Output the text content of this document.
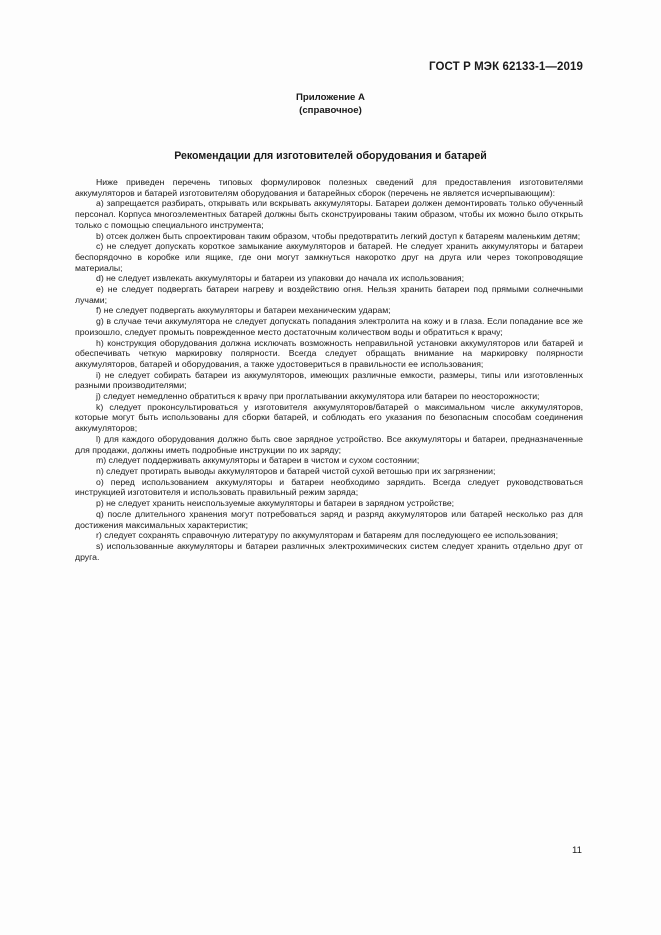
ГОСТ Р МЭК 62133-1—2019
Приложение А
(справочное)
Рекомендации для изготовителей оборудования и батарей

Ниже приведен перечень типовых формулировок полезных сведений для предоставления изготовителями аккумуляторов и батарей изготовителям оборудования и батарейных сборок (перечень не является исчерпывающим):

a) запрещается разбирать, открывать или вскрывать аккумуляторы. Батареи должен демонтировать только обученный персонал. Корпуса многоэлементных батарей должны быть сконструированы таким образом, чтобы их можно было открыть только с помощью специального инструмента;

b) отсек должен быть спроектирован таким образом, чтобы предотвратить легкий доступ к батареям маленьким детям;

c) не следует допускать короткое замыкание аккумуляторов и батарей. Не следует хранить аккумуляторы и батареи беспорядочно в коробке или ящике, где они могут замкнуться накоротко друг на друга или через токопроводящие материалы;

d) не следует извлекать аккумуляторы и батареи из упаковки до начала их использования;

e) не следует подвергать батареи нагреву и воздействию огня. Нельзя хранить батареи под прямыми солнечными лучами;

f) не следует подвергать аккумуляторы и батареи механическим ударам;

g) в случае течи аккумулятора не следует допускать попадания электролита на кожу и в глаза. Если попадание все же произошло, следует промыть поврежденное место достаточным количеством воды и обратиться к врачу;

h) конструкция оборудования должна исключать возможность неправильной установки аккумуляторов или батарей и обеспечивать четкую маркировку полярности. Всегда следует обращать внимание на маркировку полярности аккумуляторов, батарей и оборудования, а также удостовериться в правильности ее использования;

i) не следует собирать батареи из аккумуляторов, имеющих различные емкости, размеры, типы или изготовленных разными производителями;

j) следует немедленно обратиться к врачу при проглатывании аккумулятора или батареи по неосторожности;

k) следует проконсультироваться у изготовителя аккумуляторов/батарей о максимальном числе аккумуляторов, которые могут быть использованы для сборки батарей, и соблюдать его указания по безопасным способам соединения аккумуляторов;

l) для каждого оборудования должно быть свое зарядное устройство. Все аккумуляторы и батареи, предназначенные для продажи, должны иметь подробные инструкции по их заряду;

m) следует поддерживать аккумуляторы и батареи в чистом и сухом состоянии;

n) следует протирать выводы аккумуляторов и батарей чистой сухой ветошью при их загрязнении;

o) перед использованием аккумуляторы и батареи необходимо зарядить. Всегда следует руководствоваться инструкцией изготовителя и использовать правильный режим заряда;

p) не следует хранить неиспользуемые аккумуляторы и батареи в зарядном устройстве;

q) после длительного хранения могут потребоваться заряд и разряд аккумуляторов или батарей несколько раз для достижения максимальных характеристик;

r) следует сохранять справочную литературу по аккумуляторам и батареям для последующего ее использования;

s) использованные аккумуляторы и батареи различных электрохимических систем следует хранить отдельно друг от друга.

11
